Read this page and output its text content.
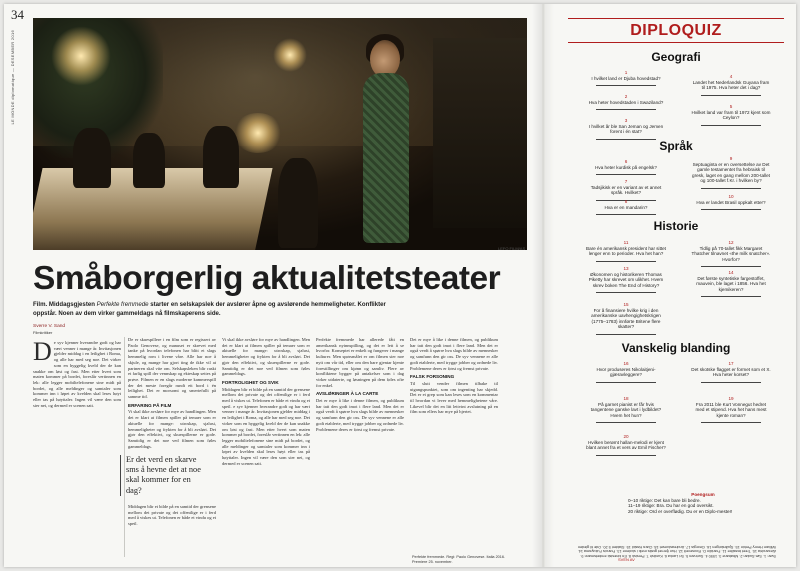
34
LE MONDE diplomatique — DESEMBER 2016
LEFO FILM/AS
Småborgerlig aktualitetsteater

Film. Middagsgjesten Perfekte fremmede starter en selskapslek der avslører åpne og avslørende hemmeligheter. Konflikter oppstår. Noen av dem virker gammeldags nå filmskaperens side.

Sverre V. Sand
Filmkritiker
D e syv kjenner hverandre godt og har vært venner i mange år. Invitasjonen gjelder middag i en leilighet i Roma, og alle har med seg noe. Det virker som en hyggelig kveld der de kan snakke om løst og fast. Men etter hvert som maten kommer på bordet, foreslår vertinnen en lek: alle legger mobiltelefonene sine midt på bordet, og alle meldinger og samtaler som kommer inn i løpet av kvelden skal leses høyt eller tas på høyttaler. Ingen vil være den som sier nei, og dermed er scenen satt.
De er skuespillere i en film som er regissert av Paolo Genovese, og manuset er skrevet med tanke på hvordan telefonen har blitt et slags hemmelig rom i livene våre. Alle har noe å skjule, og mange har gjort ting de ikke vil at partneren skal vite om. Selskapsleken blir raskt et farlig spill der vennskap og ekteskap settes på prøve. Filmen er en slags moderne kammerspill der det meste foregår rundt ett bord i én leilighet. Det er morsomt og smertefullt på samme tid.
ERFARING PÅ FILM
Vi skal ikke avsløre for mye av handlingen. Men det er klart at filmen spiller på temaer som er aktuelle for mange: utroskap, sjalusi, hemmeligheter og frykten for å bli avslørt. Det gjør den effektivt, og skuespillerne er gode. Samtidig er det noe ved filmen som føles gammeldags.
Er det verd en skarve sms å hevne det at noe skal kommer for en dag?
Middagen blir et bilde på en samtid der grensene mellom det private og det offentlige er i ferd med å viskes ut. Telefonen er både et vindu og et speil.
Vi skal ikke avsløre for mye av handlingen. Men det er klart at filmen spiller på temaer som er aktuelle for mange: utroskap, sjalusi, hemmeligheter og frykten for å bli avslørt. Det gjør den effektivt, og skuespillerne er gode. Samtidig er det noe ved filmen som føles gammeldags.
FORTROLIGHET OG SVIK
Middagen blir et bilde på en samtid der grensene mellom det private og det offentlige er i ferd med å viskes ut. Telefonen er både et vindu og et speil. e syv kjenner hverandre godt og har vært venner i mange år. Invitasjonen gjelder middag i en leilighet i Roma, og alle har med seg noe. Det virker som en hyggelig kveld der de kan snakke om løst og fast. Men etter hvert som maten kommer på bordet, foreslår vertinnen en lek: alle legger mobiltelefonene sine midt på bordet, og alle meldinger og samtaler som kommer inn i løpet av kvelden skal leses høyt eller tas på høyttaler. Ingen vil være den som sier nei, og dermed er scenen satt.
Perfekte fremmede har allerede fått en amerikansk nyinnspilling, og det er lett å se hvorfor. Konseptet er enkelt og fungerer i mange kulturer. Men spørsmålet er om filmen sier noe nytt om vår tid, eller om den bare gjentar kjente forestillinger om kjønn og samliv. Flere av konfliktene bygger på antakelser som i dag virker utdaterte, og løsningen på dem føles ofte for enkel.
AVSLØRINGER À LA CARTE
Det er mye å like i denne filmen, og publikum har tatt den godt imot i flere land. Men det er også verdt å spørre hva slags bilde av mennesker og samfunn den gir oss. De syv vennene er alle godt etablerte, med trygge jobber og ordnede liv. Problemene deres er først og fremst private.
Det er mye å like i denne filmen, og publikum har tatt den godt imot i flere land. Men det er også verdt å spørre hva slags bilde av mennesker og samfunn den gir oss. De syv vennene er alle godt etablerte, med trygge jobber og ordnede liv. Problemene deres er først og fremst private.
FALSK FORSONING
Til slutt vender filmen tilbake til utgangspunktet, som om ingenting har skjedd. Det er et grep som kan leses som en kommentar til hvordan vi lever med hemmelighetene våre. Likevel blir det en litt lettvint avslutning på en film som ellers har mye på hjertet.
Perfekte fremmede. Regi: Paolo Genovese. Italia 2016. Premiere 25. november.
DIPLOQUIZ
Geografi
1
I hvilket land er Djuba hovedstad?
2
Hva heter hovedstaden i Swaziland?
3
I hvilket år ble San Jeman og Jemen forent i én stat?
4
Landet het Nederlandsk Guyana fram til 1975. Hva heter det i dag?
5
Hvilket land var fram til 1972 kjent som Ceylon?
Språk
6
Hva heter kurdisk på engelsk?
7
Tadsjikisk er en variant av et annet språk. Hvilket?
8
Hva er en mandarin?
9
Septuaginta er en oversettelse av Det gamle testamentet fra hebraisk til gresk, laget en gang mellom 200-tallet og 100-tallet f.Kr. i hvilken by?
10
Hva er landet Brasil oppkalt etter?
Historie
11
Bare én amerikansk president har sittet lenger enn to perioder. Hva het han?
13
Økonomen og historikeren Thomas Piketty har skrevet om ulikhet. Hvem skrev boken The End of History?
15
For å finansiere hvilke krig i den amerikanske uavhengighetskrigen (1775–1783) innførte Britene flere skatter?
12
Tidlig på 70-tallet fikk Margaret Thatcher tilnavnet «the milk snatcher». Hvorfor?
14
Det første syntetiske fargestoffet, mauvein, ble laget i 1856. Hva het kjemikeren?
Vanskelig blanding
16
Hvor produseres Nikolaitjeni-gjæravleggere?
18
På garnet pianist er får hvis tangentene ganske lavt i lydbildet? Hvem het hun?
20
Hvilken berømt hallan-melodi er kjent blant annet fra et vers av Emil Fischer?
17
Det skotske flagget er formet som et X. Hva heter korset?
19
Fra 2011 ble Kurt Vonnegut hedret med et stipend. Hva het hans mest kjente roman?
Poengsum
0–10 riktige: Det kan bare bli bedre.
11–19 riktige: Bra. Du har en god oversikt.
20 riktige: Ord er overflødig. Du er en Diplo-mester!
Svar: 1. Sør-Sudan 2. Mbabane 3. 1990 4. Surinam 5. Sri Lanka 6. Kurdish 7. Persisk 8. En kinesisk embetsmann 9. Alexandria 10. Treet brasiltre 11. Franklin D. Roosevelt 12. Hun fjernet gratis melk i skolene 13. Francis Fukuyama 14. William Henry Perkin 15. Sjuårskrigen 16. Georgia 17. Andreaskorset 18. Clara Haskil 19. Slakteri 5 20. Ode til gleden
SVEN AV
